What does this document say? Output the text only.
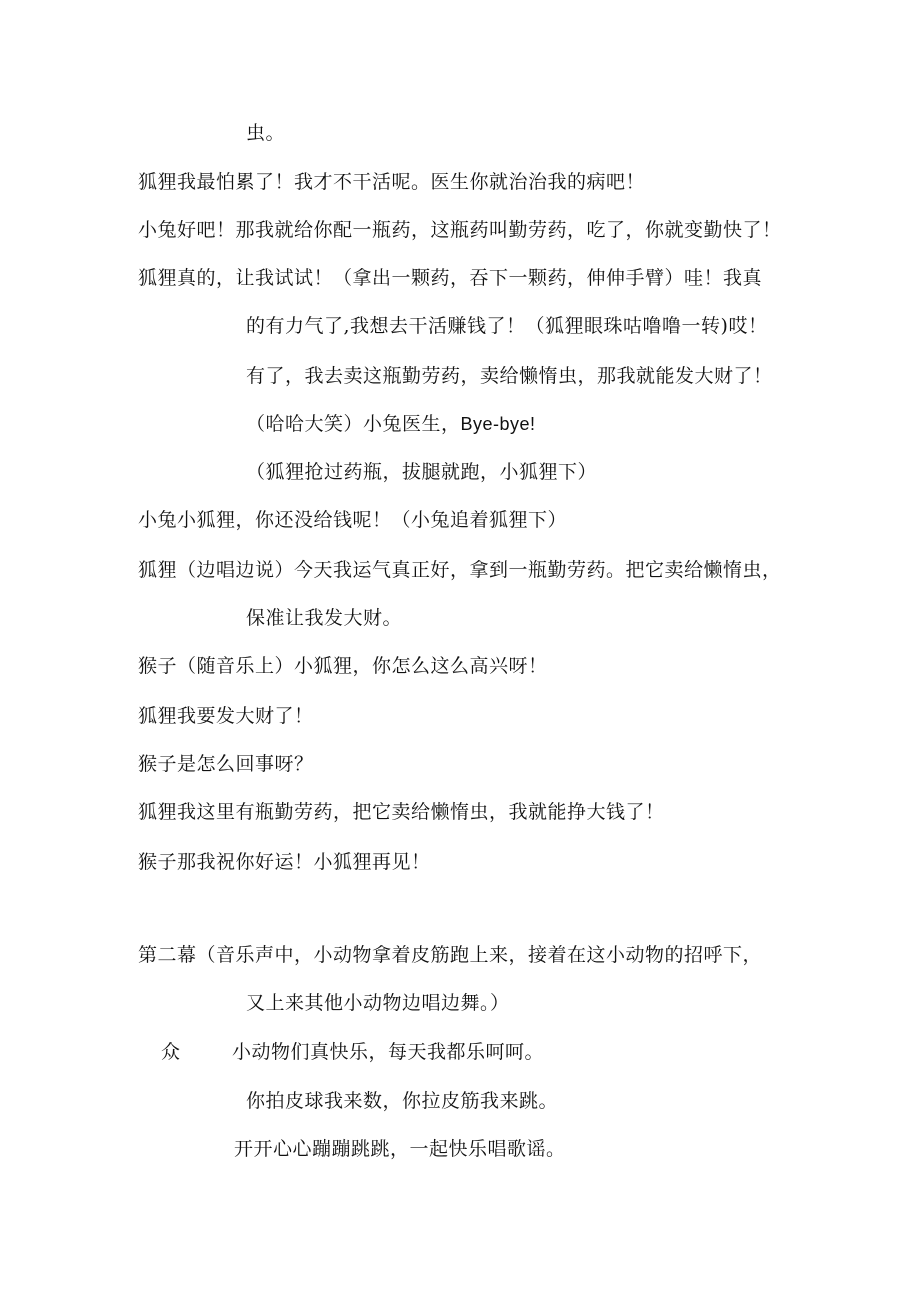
虫。
狐狸我最怕累了！我才不干活呢。医生你就治治我的病吧！
小兔好吧！那我就给你配一瓶药，这瓶药叫勤劳药，吃了，你就变勤快了！
狐狸真的，让我试试！（拿出一颗药，吞下一颗药，伸伸手臂）哇！我真
的有力气了,我想去干活赚钱了！（狐狸眼珠咕噜噜一转)哎！
有了，我去卖这瓶勤劳药，卖给懒惰虫，那我就能发大财了！
（哈哈大笑）小兔医生，Bye-bye!
（狐狸抢过药瓶，拔腿就跑，小狐狸下）
小兔小狐狸，你还没给钱呢！（小兔追着狐狸下）
狐狸（边唱边说）今天我运气真正好，拿到一瓶勤劳药。把它卖给懒惰虫，
保准让我发大财。
猴子（随音乐上）小狐狸，你怎么这么高兴呀！
狐狸我要发大财了！
猴子是怎么回事呀？
狐狸我这里有瓶勤劳药，把它卖给懒惰虫，我就能挣大钱了！
猴子那我祝你好运！小狐狸再见！
第二幕（音乐声中，小动物拿着皮筋跑上来，接着在这小动物的招呼下，
又上来其他小动物边唱边舞。）
众	小动物们真快乐，每天我都乐呵呵。
你拍皮球我来数，你拉皮筋我来跳。
开开心心蹦蹦跳跳，一起快乐唱歌谣。
